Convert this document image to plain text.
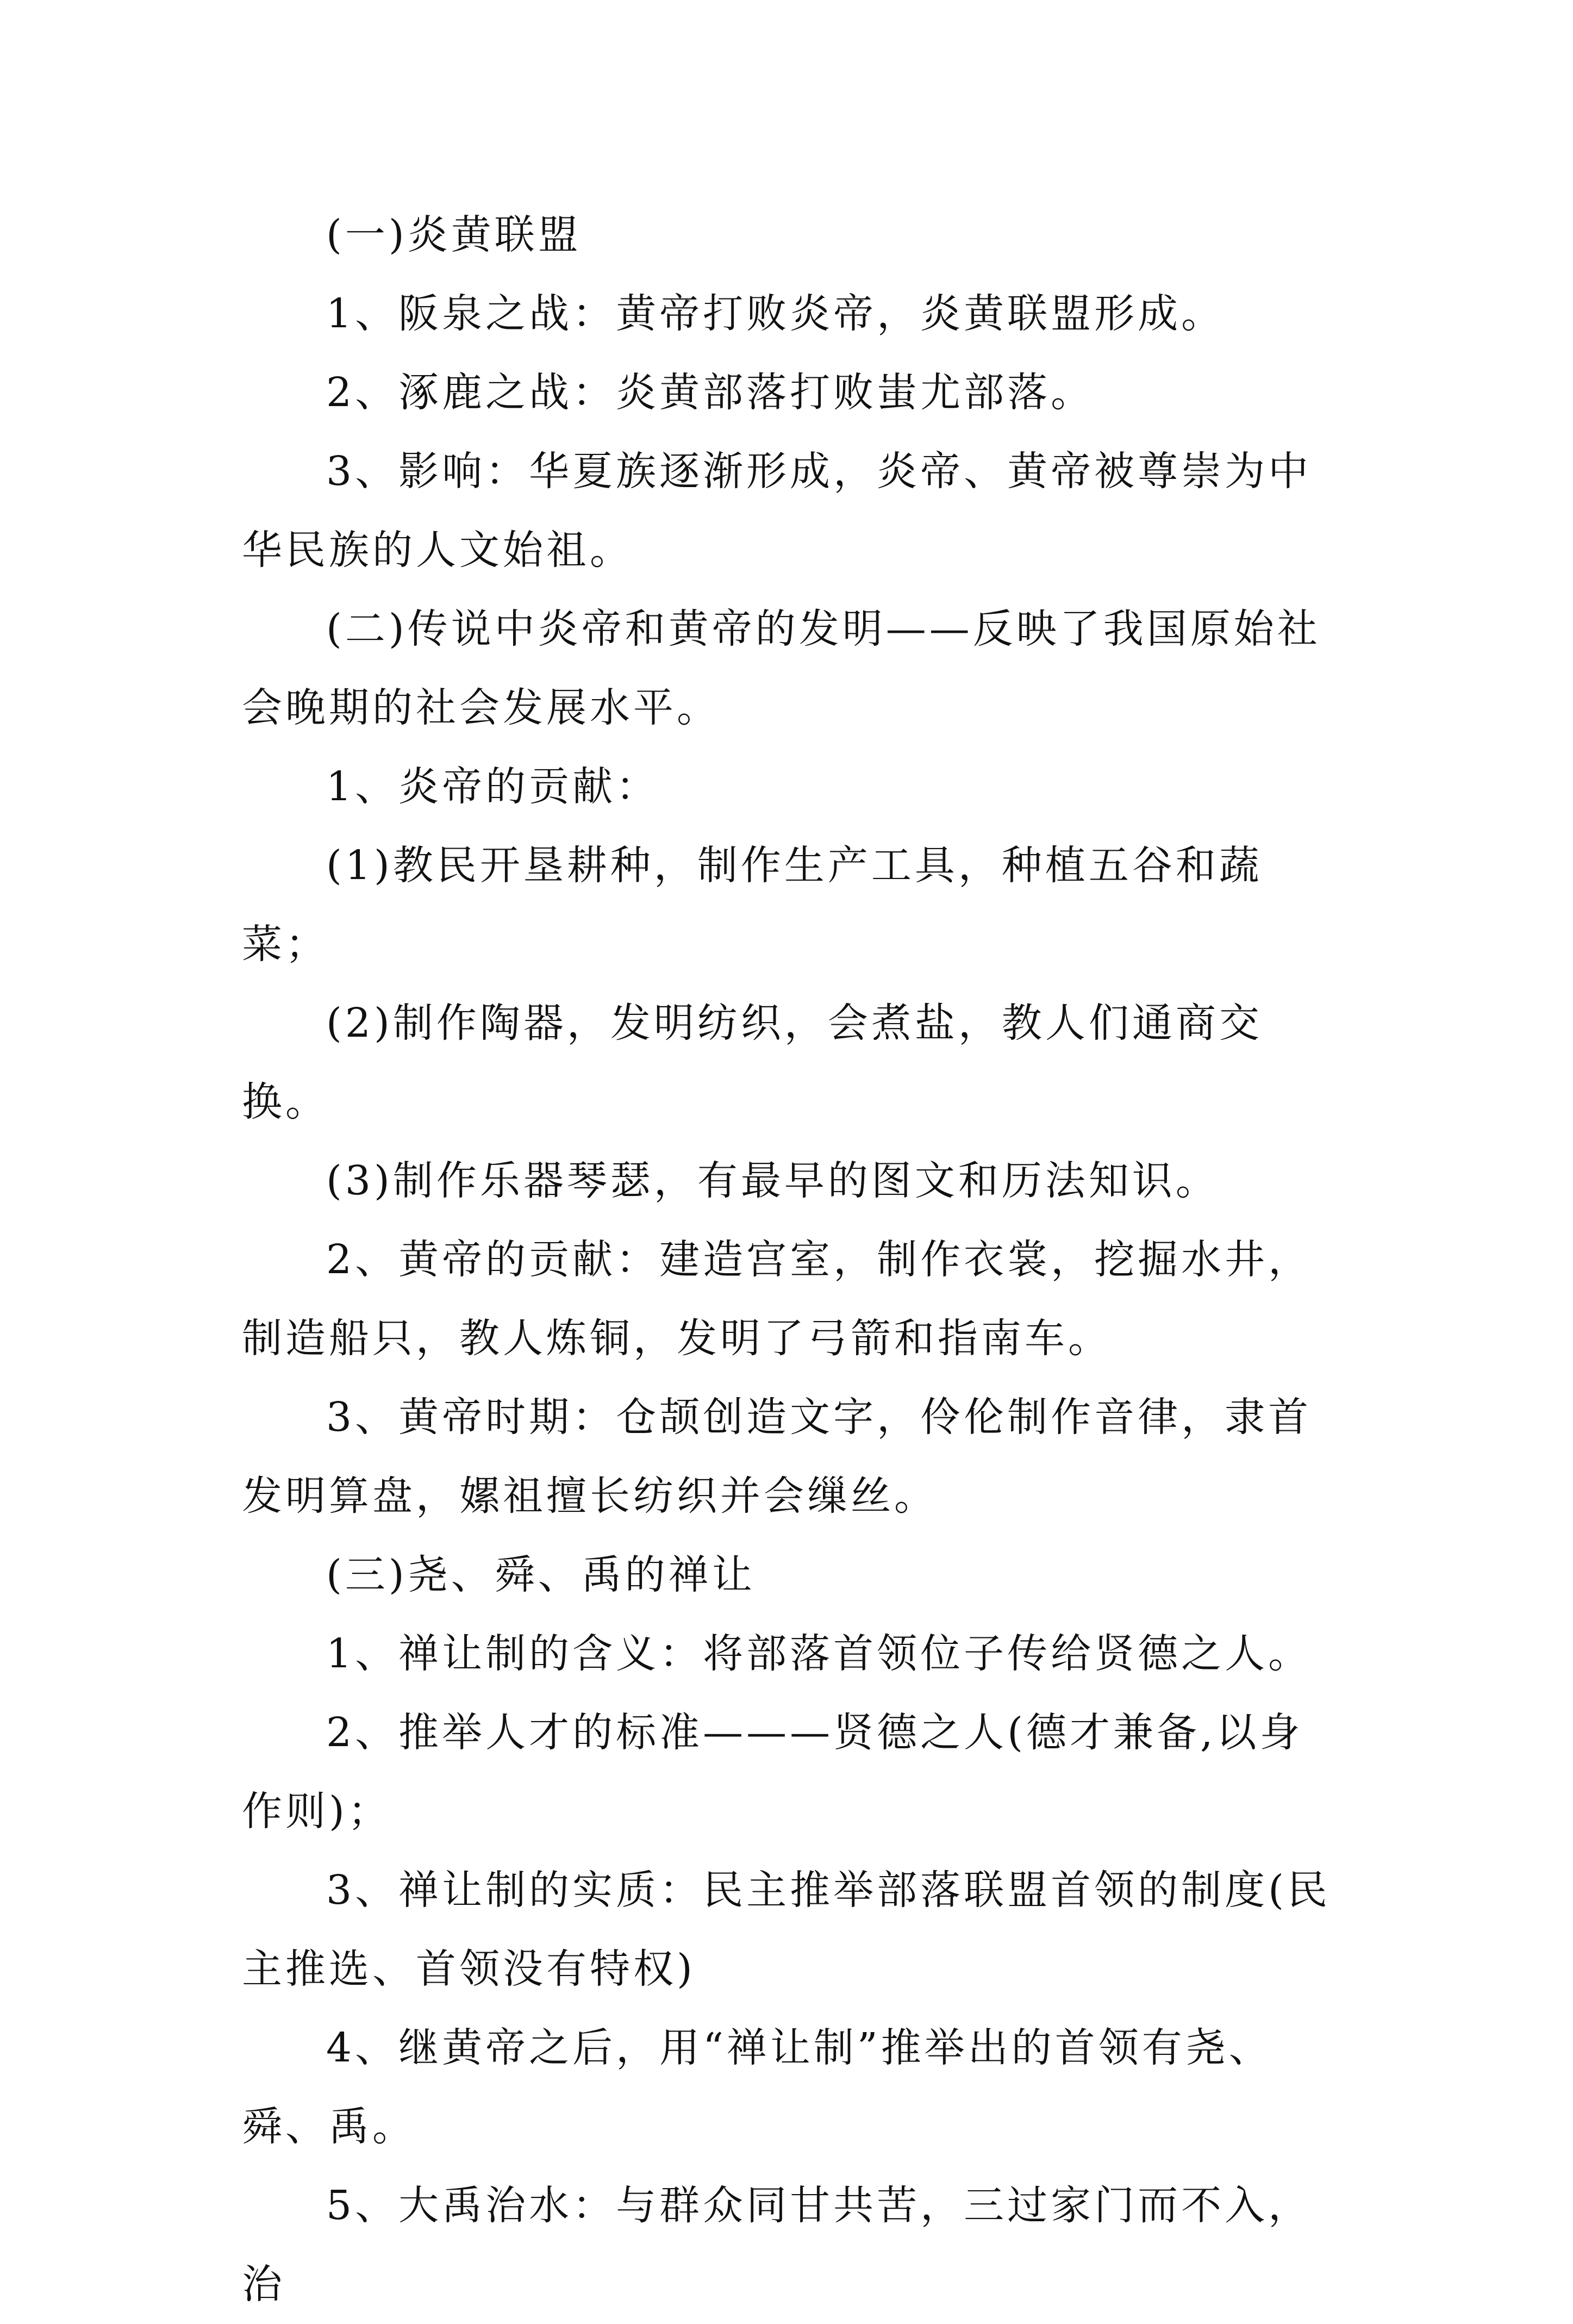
(一)炎黄联盟

1、阪泉之战：黄帝打败炎帝，炎黄联盟形成。

2、涿鹿之战：炎黄部落打败蚩尤部落。

3、影响：华夏族逐渐形成，炎帝、黄帝被尊崇为中华民族的人文始祖。

(二)传说中炎帝和黄帝的发明——反映了我国原始社会晚期的社会发展水平。

1、炎帝的贡献：

(1)教民开垦耕种，制作生产工具，种植五谷和蔬菜；

(2)制作陶器，发明纺织，会煮盐，教人们通商交换。

(3)制作乐器琴瑟，有最早的图文和历法知识。

2、黄帝的贡献：建造宫室，制作衣裳，挖掘水井，制造船只，教人炼铜，发明了弓箭和指南车。

3、黄帝时期：仓颉创造文字，伶伦制作音律，隶首发明算盘，嫘祖擅长纺织并会缫丝。

(三)尧、舜、禹的禅让

1、禅让制的含义：将部落首领位子传给贤德之人。

2、推举人才的标准———贤德之人(德才兼备,以身作则)；

3、禅让制的实质：民主推举部落联盟首领的制度(民主推选、首领没有特权)

4、继黄帝之后，用“禅让制”推举出的首领有尧、舜、禹。

5、大禹治水：与群众同甘共苦，三过家门而不入，治
